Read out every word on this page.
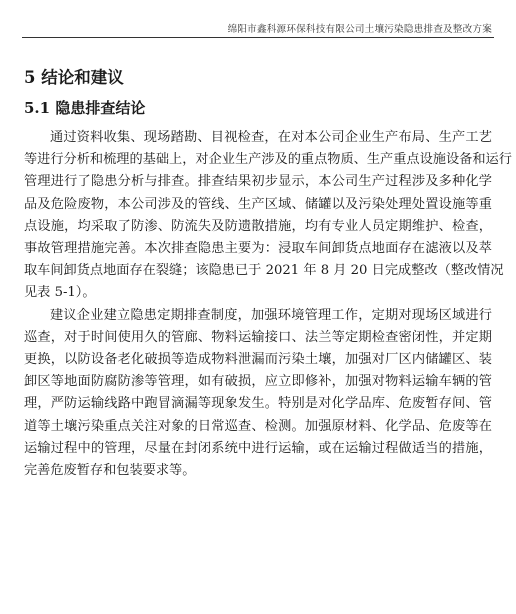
绵阳市鑫科源环保科技有限公司土壤污染隐患排查及整改方案
5 结论和建议
5.1 隐患排查结论

通过资料收集、现场踏勘、目视检查，在对本公司企业生产布局、生产工艺
等进行分析和梳理的基础上，对企业生产涉及的重点物质、生产重点设施设备和运行
管理进行了隐患分析与排查。排查结果初步显示，本公司生产过程涉及多种化学
品及危险废物，本公司涉及的管线、生产区域、储罐以及污染处理处置设施等重
点设施，均采取了防渗、防流失及防遗散措施，均有专业人员定期维护、检查，
事故管理措施完善。本次排查隐患主要为：浸取车间卸货点地面存在滤液以及萃
取车间卸货点地面存在裂缝；该隐患已于 2021 年 8 月 20 日完成整改（整改情况
见表 5-1）。

建议企业建立隐患定期排查制度，加强环境管理工作，定期对现场区域进行
巡查，对于时间使用久的管廊、物料运输接口、法兰等定期检查密闭性，并定期
更换，以防设备老化破损等造成物料泄漏而污染土壤，加强对厂区内储罐区、装
卸区等地面防腐防渗等管理，如有破损，应立即修补，加强对物料运输车辆的管
理，严防运输线路中跑冒滴漏等现象发生。特别是对化学品库、危废暂存间、管
道等土壤污染重点关注对象的日常巡查、检测。加强原材料、化学品、危废等在
运输过程中的管理，尽量在封闭系统中进行运输，或在运输过程做适当的措施，
完善危废暂存和包装要求等。
